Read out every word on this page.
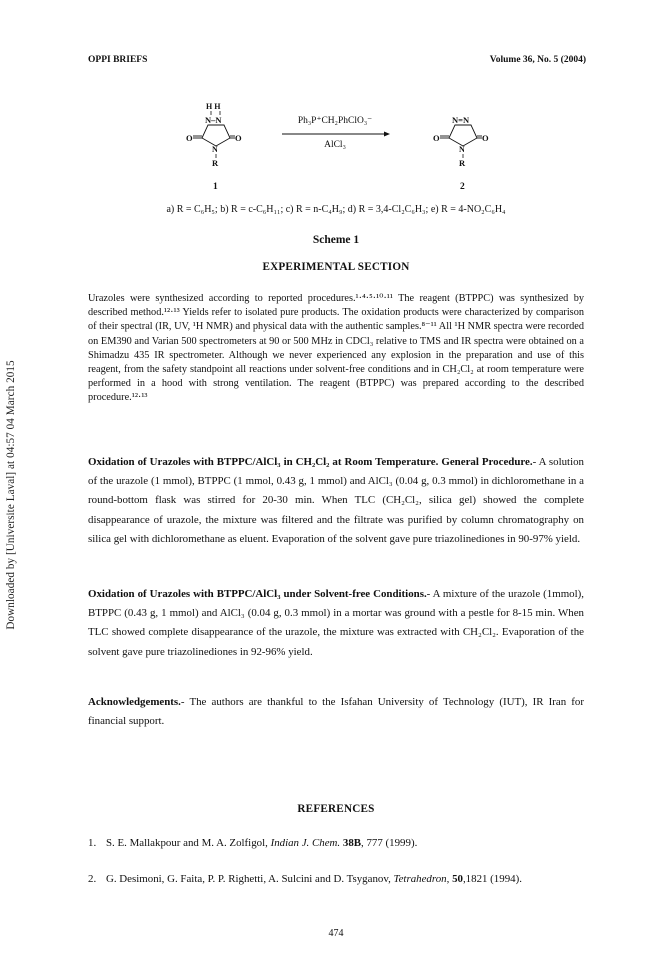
OPPI BRIEFS	Volume 36, No. 5 (2004)
Downloaded by [Universite Laval] at 04:57 04 March 2015
H H
N–N
O	O
N
R
N=N
O	O
N
R
Ph₃P⁺CH₂PhClO₃⁻
AlCl₃
1	2
a) R = C₆H₅; b) R = c-C₆H₁₁; c) R = n-C₄H₉; d) R = 3,4-Cl₂C₆H₃; e) R = 4-NO₂C₆H₄
Scheme 1
EXPERIMENTAL SECTION

Urazoles were synthesized according to reported procedures.¹·⁴·⁵·¹⁰·¹¹ The reagent (BTPPC) was synthesized by described method.¹²·¹³ Yields refer to isolated pure products. The oxidation products were characterized by comparison of their spectral (IR, UV, ¹H NMR) and physical data with the authentic samples.⁸⁻¹¹ All ¹H NMR spectra were recorded on EM390 and Varian 500 spectrometers at 90 or 500 MHz in CDCl₃ relative to TMS and IR spectra were obtained on a Shimadzu 435 IR spectrometer. Although we never experienced any explosion in the preparation and use of this reagent, from the safety standpoint all reactions under solvent-free conditions and in CH₂Cl₂ at room temperature were performed in a hood with strong ventilation. The reagent (BTPPC) was prepared according to the described procedure.¹²·¹³

Oxidation of Urazoles with BTPPC/AlCl₃ in CH₂Cl₂ at Room Temperature. General Procedure.- A solution of the urazole (1 mmol), BTPPC (1 mmol, 0.43 g, 1 mmol) and AlCl₃ (0.04 g, 0.3 mmol) in dichloromethane in a round-bottom flask was stirred for 20-30 min. When TLC (CH₂Cl₂, silica gel) showed the complete disappearance of urazole, the mixture was filtered and the filtrate was purified by column chromatography on silica gel with dichloromethane as eluent. Evaporation of the solvent gave pure triazolinediones in 90-97% yield.

Oxidation of Urazoles with BTPPC/AlCl₃ under Solvent-free Conditions.- A mixture of the urazole (1mmol), BTPPC (0.43 g, 1 mmol) and AlCl₃ (0.04 g, 0.3 mmol) in a mortar was ground with a pestle for 8-15 min. When TLC showed complete disappearance of the urazole, the mixture was extracted with CH₂Cl₂. Evaporation of the solvent gave pure triazolinediones in 92-96% yield.

Acknowledgements.- The authors are thankful to the Isfahan University of Technology (IUT), IR Iran for financial support.

REFERENCES
1. S. E. Mallakpour and M. A. Zolfigol, Indian J. Chem. 38B, 777 (1999).
2. G. Desimoni, G. Faita, P. P. Righetti, A. Sulcini and D. Tsyganov, Tetrahedron, 50,1821 (1994).
474
